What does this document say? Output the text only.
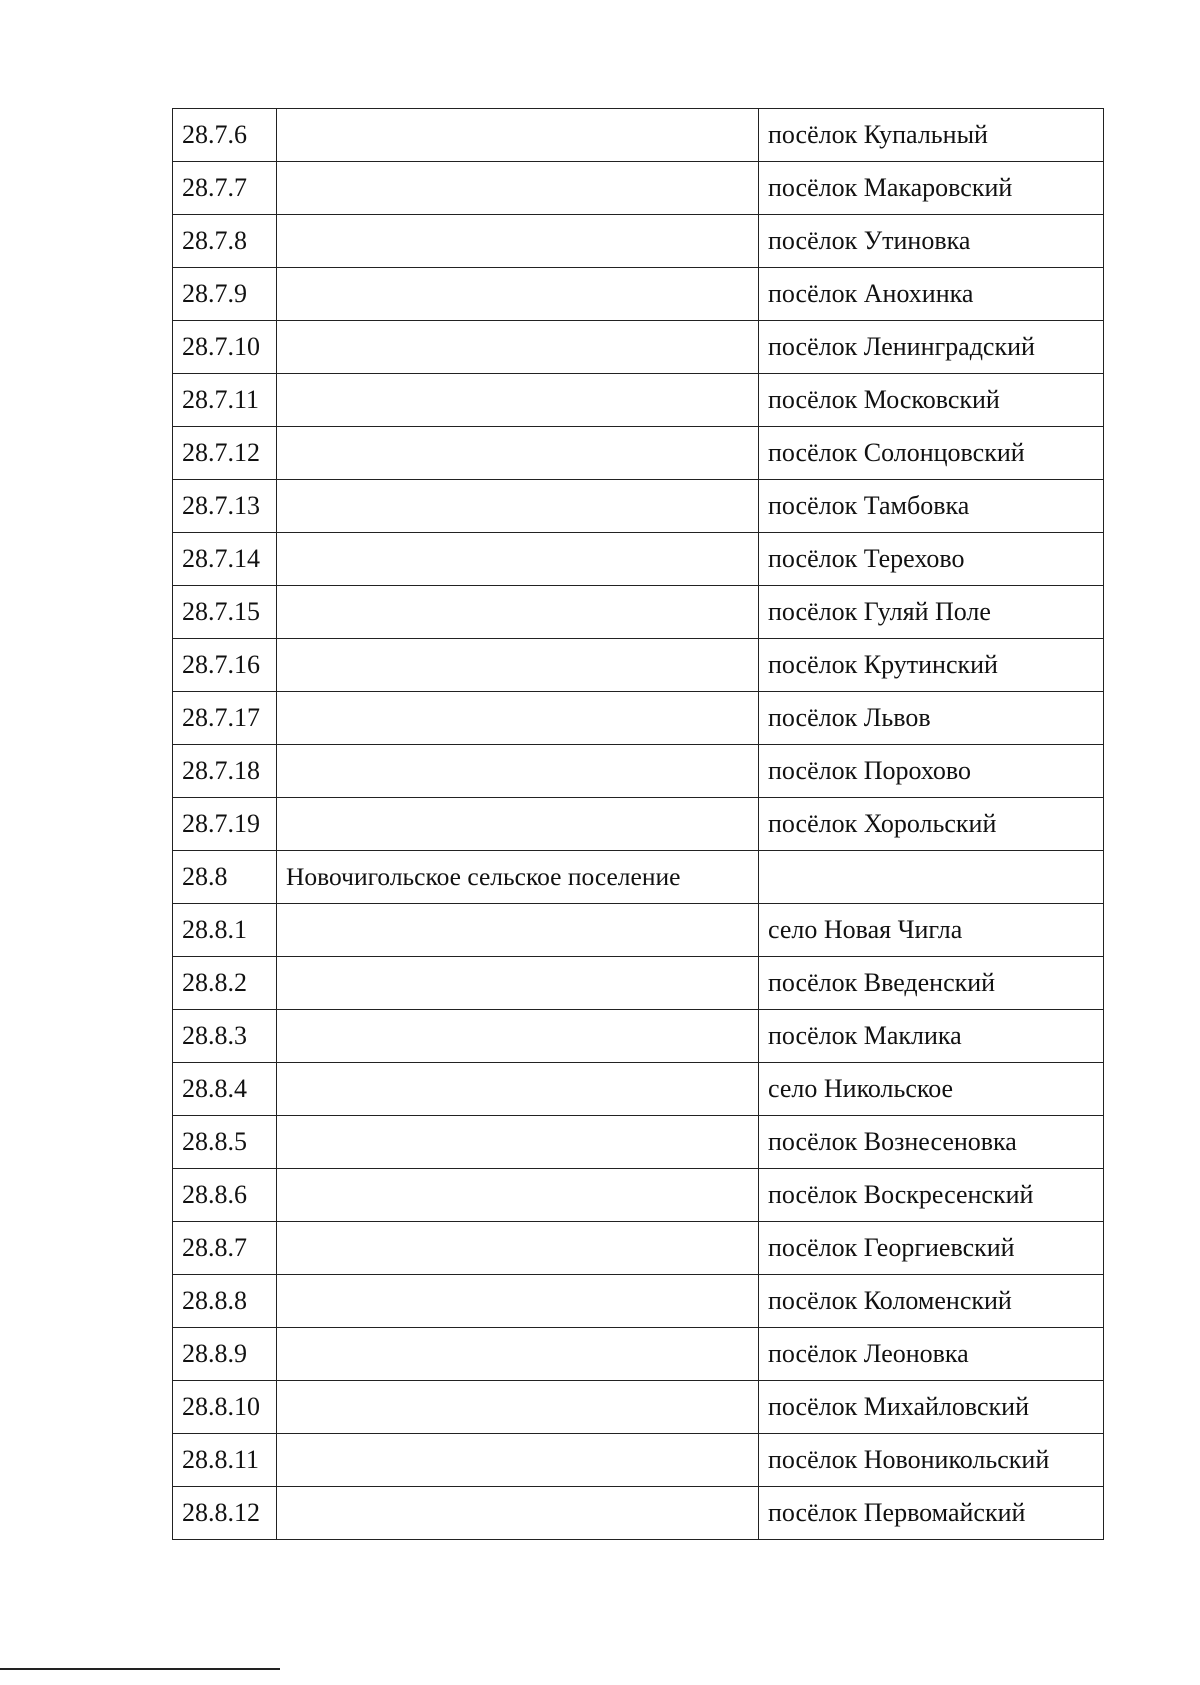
28.7.6		посёлок Купальный
28.7.7		посёлок Макаровский
28.7.8		посёлок Утиновка
28.7.9		посёлок Анохинка
28.7.10		посёлок Ленинградский
28.7.11		посёлок Московский
28.7.12		посёлок Солонцовский
28.7.13		посёлок Тамбовка
28.7.14		посёлок Терехово
28.7.15		посёлок Гуляй Поле
28.7.16		посёлок Крутинский
28.7.17		посёлок Львов
28.7.18		посёлок Порохово
28.7.19		посёлок Хорольский
28.8	Новочигольское сельское поселение	
28.8.1		село Новая Чигла
28.8.2		посёлок Введенский
28.8.3		посёлок Маклика
28.8.4		село Никольское
28.8.5		посёлок Вознесеновка
28.8.6		посёлок Воскресенский
28.8.7		посёлок Георгиевский
28.8.8		посёлок Коломенский
28.8.9		посёлок Леоновка
28.8.10		посёлок Михайловский
28.8.11		посёлок Новоникольский
28.8.12		посёлок Первомайский
